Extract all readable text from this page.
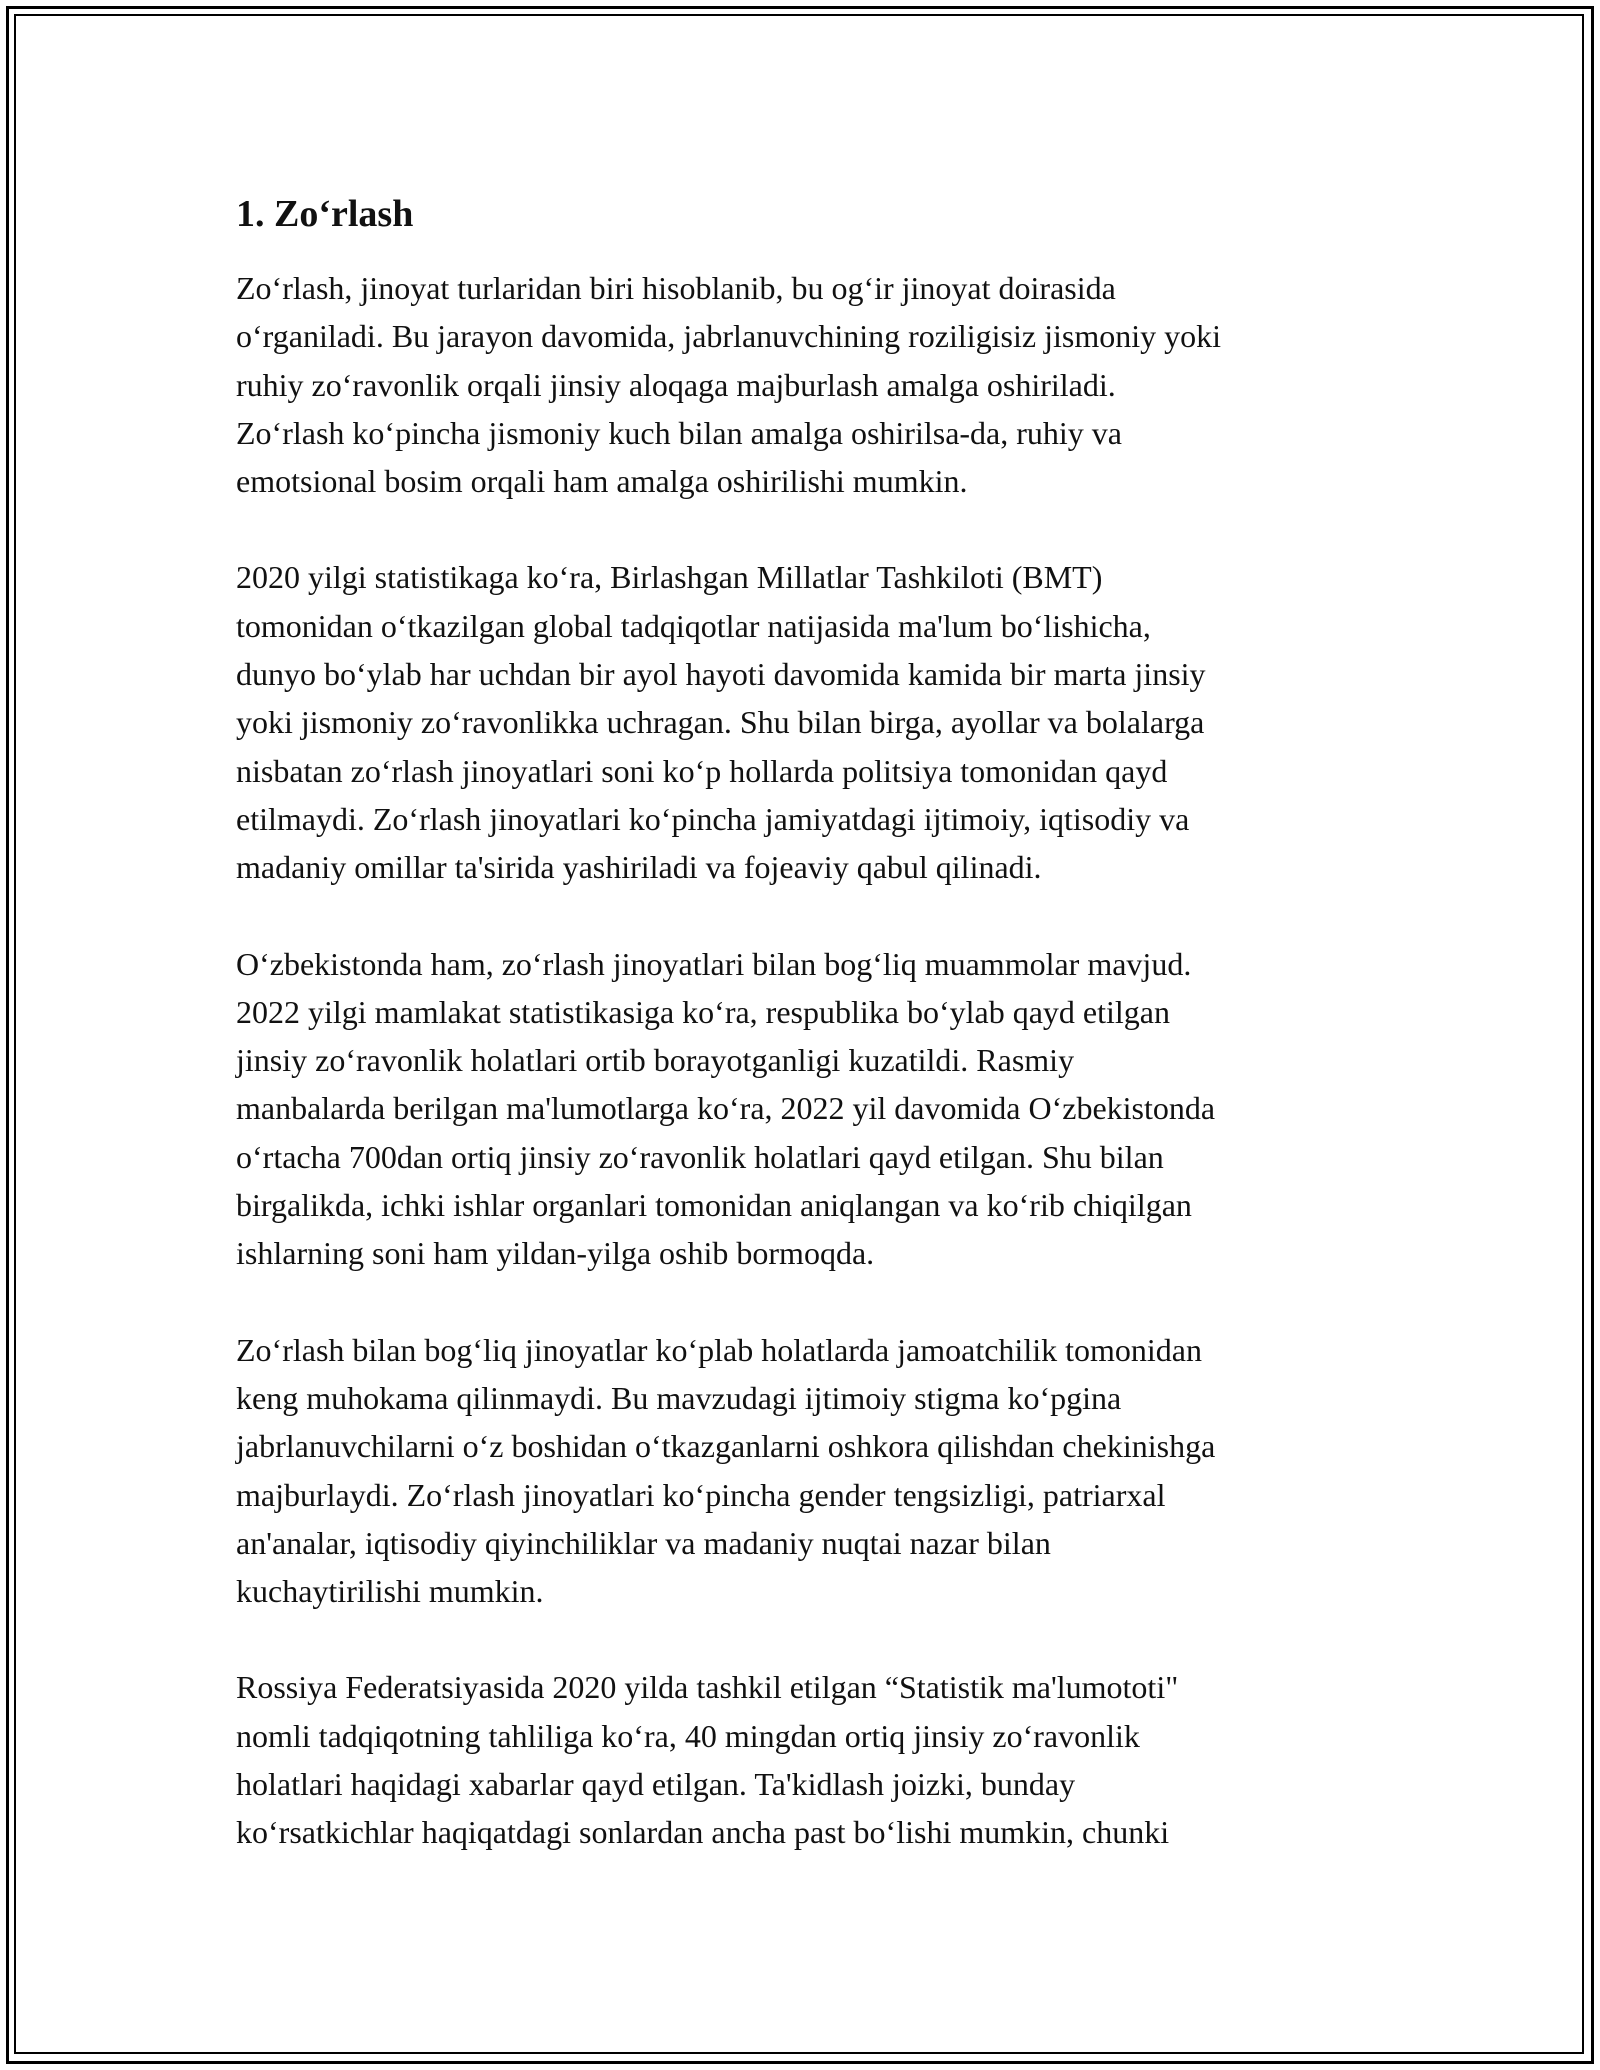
1. Zo‘rlash

Zo‘rlash, jinoyat turlaridan biri hisoblanib, bu og‘ir jinoyat doirasida
o‘rganiladi. Bu jarayon davomida, jabrlanuvchining roziligisiz jismoniy yoki
ruhiy zo‘ravonlik orqali jinsiy aloqaga majburlash amalga oshiriladi.
Zo‘rlash ko‘pincha jismoniy kuch bilan amalga oshirilsa-da, ruhiy va
emotsional bosim orqali ham amalga oshirilishi mumkin.

2020 yilgi statistikaga ko‘ra, Birlashgan Millatlar Tashkiloti (BMT)
tomonidan o‘tkazilgan global tadqiqotlar natijasida ma'lum bo‘lishicha,
dunyo bo‘ylab har uchdan bir ayol hayoti davomida kamida bir marta jinsiy
yoki jismoniy zo‘ravonlikka uchragan. Shu bilan birga, ayollar va bolalarga
nisbatan zo‘rlash jinoyatlari soni ko‘p hollarda politsiya tomonidan qayd
etilmaydi. Zo‘rlash jinoyatlari ko‘pincha jamiyatdagi ijtimoiy, iqtisodiy va
madaniy omillar ta'sirida yashiriladi va fojeaviy qabul qilinadi.

O‘zbekistonda ham, zo‘rlash jinoyatlari bilan bog‘liq muammolar mavjud.
2022 yilgi mamlakat statistikasiga ko‘ra, respublika bo‘ylab qayd etilgan
jinsiy zo‘ravonlik holatlari ortib borayotganligi kuzatildi. Rasmiy
manbalarda berilgan ma'lumotlarga ko‘ra, 2022 yil davomida O‘zbekistonda
o‘rtacha 700dan ortiq jinsiy zo‘ravonlik holatlari qayd etilgan. Shu bilan
birgalikda, ichki ishlar organlari tomonidan aniqlangan va ko‘rib chiqilgan
ishlarning soni ham yildan-yilga oshib bormoqda.

Zo‘rlash bilan bog‘liq jinoyatlar ko‘plab holatlarda jamoatchilik tomonidan
keng muhokama qilinmaydi. Bu mavzudagi ijtimoiy stigma ko‘pgina
jabrlanuvchilarni o‘z boshidan o‘tkazganlarni oshkora qilishdan chekinishga
majburlaydi. Zo‘rlash jinoyatlari ko‘pincha gender tengsizligi, patriarxal
an'analar, iqtisodiy qiyinchiliklar va madaniy nuqtai nazar bilan
kuchaytirilishi mumkin.

Rossiya Federatsiyasida 2020 yilda tashkil etilgan “Statistik ma'lumototi"
nomli tadqiqotning tahliliga ko‘ra, 40 mingdan ortiq jinsiy zo‘ravonlik
holatlari haqidagi xabarlar qayd etilgan. Ta'kidlash joizki, bunday
ko‘rsatkichlar haqiqatdagi sonlardan ancha past bo‘lishi mumkin, chunki
